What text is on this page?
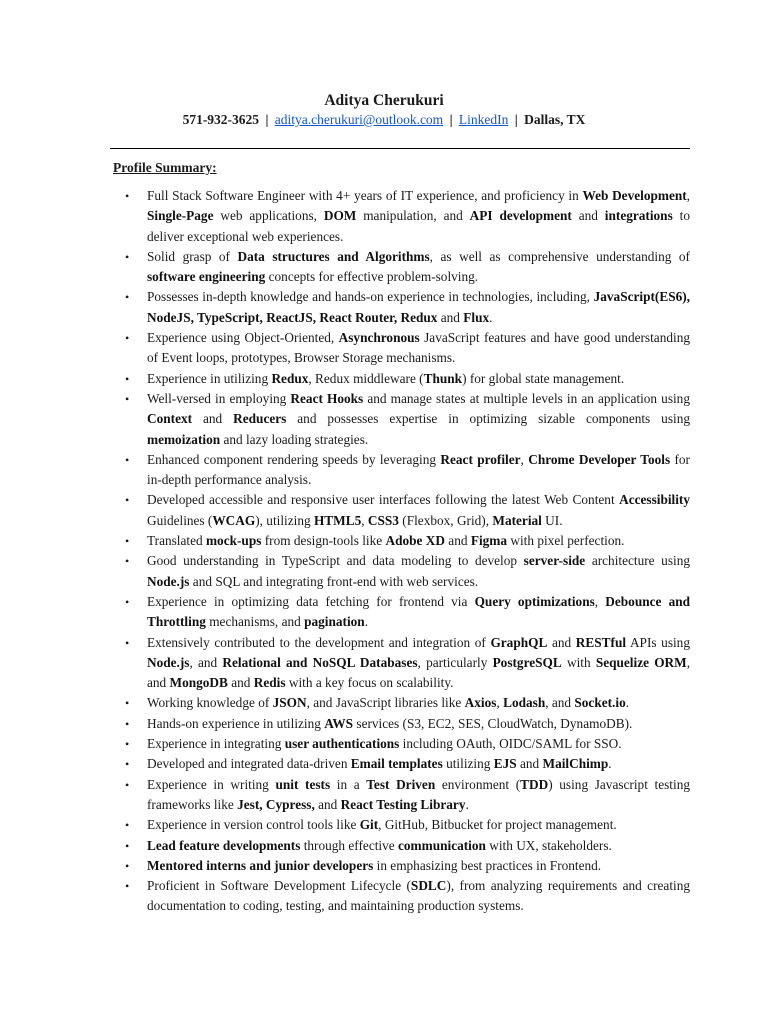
Aditya Cherukuri
571-932-3625 | aditya.cherukuri@outlook.com | LinkedIn | Dallas, TX
Profile Summary:
• Full Stack Software Engineer with 4+ years of IT experience, and proficiency in Web Development, Single-Page web applications, DOM manipulation, and API development and integrations to deliver exceptional web experiences.
• Solid grasp of Data structures and Algorithms, as well as comprehensive understanding of software engineering concepts for effective problem-solving.
• Possesses in-depth knowledge and hands-on experience in technologies, including, JavaScript(ES6), NodeJS, TypeScript, ReactJS, React Router, Redux and Flux.
• Experience using Object-Oriented, Asynchronous JavaScript features and have good understanding of Event loops, prototypes, Browser Storage mechanisms.
• Experience in utilizing Redux, Redux middleware (Thunk) for global state management.
• Well-versed in employing React Hooks and manage states at multiple levels in an application using Context and Reducers and possesses expertise in optimizing sizable components using memoization and lazy loading strategies.
• Enhanced component rendering speeds by leveraging React profiler, Chrome Developer Tools for in-depth performance analysis.
• Developed accessible and responsive user interfaces following the latest Web Content Accessibility Guidelines (WCAG), utilizing HTML5, CSS3 (Flexbox, Grid), Material UI.
• Translated mock-ups from design-tools like Adobe XD and Figma with pixel perfection.
• Good understanding in TypeScript and data modeling to develop server-side architecture using Node.js and SQL and integrating front-end with web services.
• Experience in optimizing data fetching for frontend via Query optimizations, Debounce and Throttling mechanisms, and pagination.
• Extensively contributed to the development and integration of GraphQL and RESTful APIs using Node.js, and Relational and NoSQL Databases, particularly PostgreSQL with Sequelize ORM, and MongoDB and Redis with a key focus on scalability.
• Working knowledge of JSON, and JavaScript libraries like Axios, Lodash, and Socket.io.
• Hands-on experience in utilizing AWS services (S3, EC2, SES, CloudWatch, DynamoDB).
• Experience in integrating user authentications including OAuth, OIDC/SAML for SSO.
• Developed and integrated data-driven Email templates utilizing EJS and MailChimp.
• Experience in writing unit tests in a Test Driven environment (TDD) using Javascript testing frameworks like Jest, Cypress, and React Testing Library.
• Experience in version control tools like Git, GitHub, Bitbucket for project management.
• Lead feature developments through effective communication with UX, stakeholders.
• Mentored interns and junior developers in emphasizing best practices in Frontend.
• Proficient in Software Development Lifecycle (SDLC), from analyzing requirements and creating documentation to coding, testing, and maintaining production systems.
